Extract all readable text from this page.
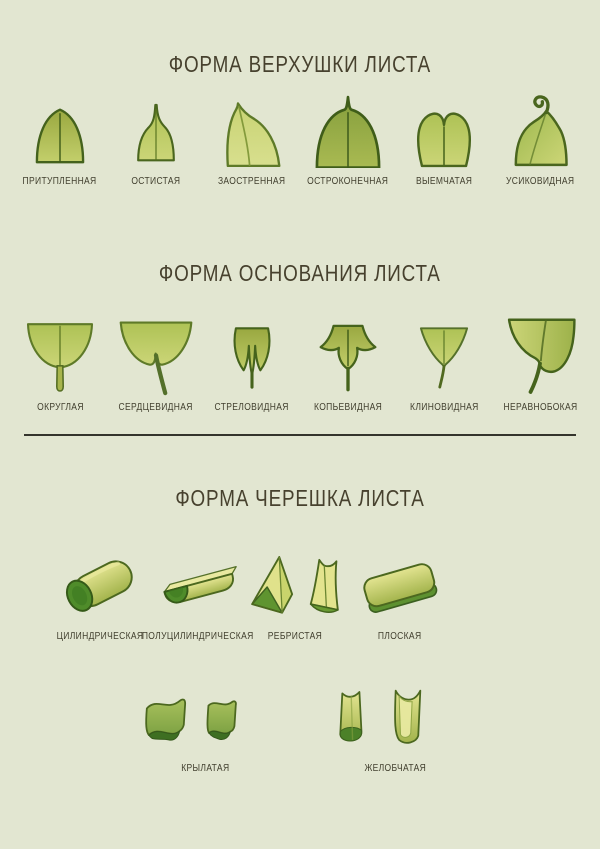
ФОРМА ВЕРХУШКИ ЛИСТА
ПРИТУПЛЕННАЯ	ОСТИСТАЯ	ЗАОСТРЕННАЯ ОСТРОКОНЕЧНАЯ	ВЫЕМЧАТАЯ	УСИКОВИДНАЯ
ФОРМА ОСНОВАНИЯ ЛИСТА
ОКРУГЛАЯ	СЕРДЦЕВИДНАЯ СТРЕЛОВИДНАЯ КОПЬЕВИДНАЯ	КЛИНОВИДНАЯ НЕРАВНОБОКАЯ
ФОРМА ЧЕРЕШКА ЛИСТА
ЦИЛИНДРИЧЕСКАЯ
ПОЛУЦИЛИНДРИЧЕСКАЯ РЕБРИСТАЯ	ПЛОСКАЯ
КРЫЛАТАЯ	ЖЕЛОБЧАТАЯ
